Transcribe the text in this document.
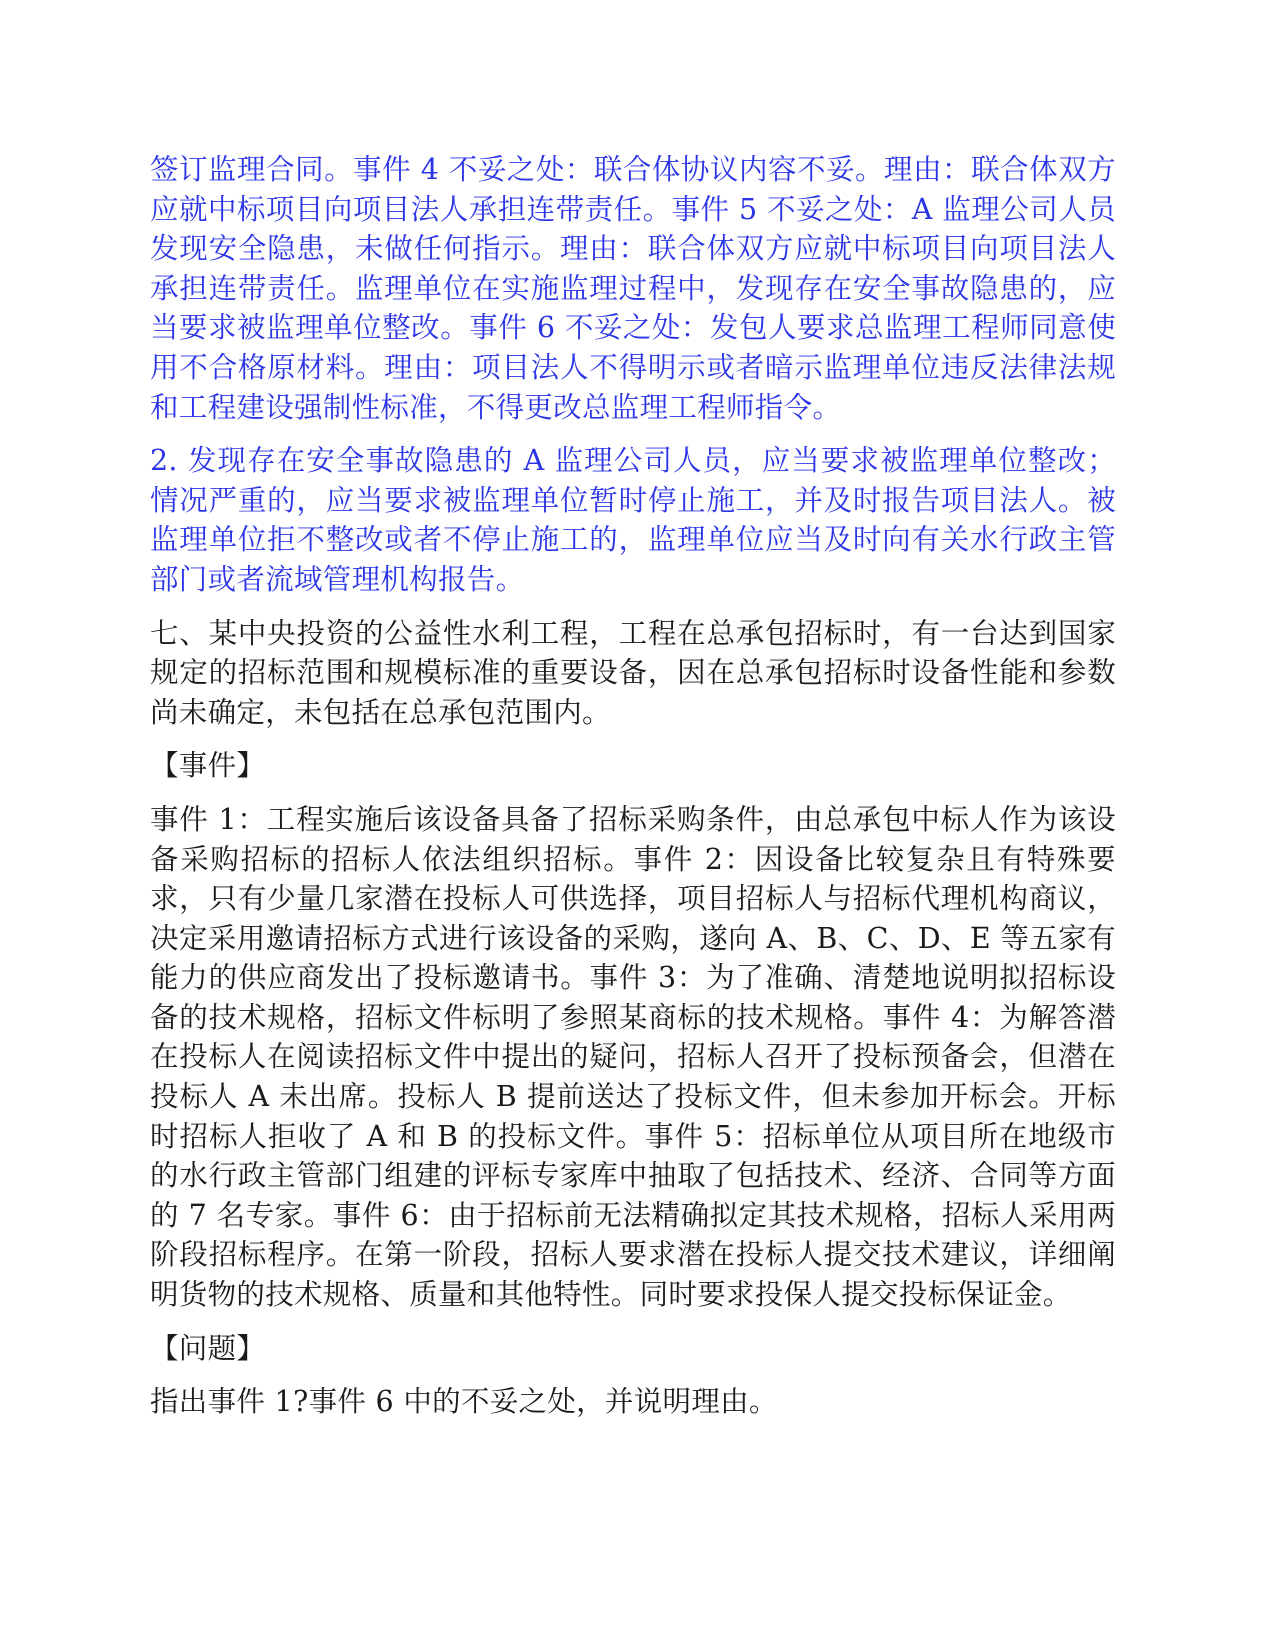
签订监理合同。事件 4 不妥之处：联合体协议内容不妥。理由：联合体双方应就中标项目向项目法人承担连带责任。事件 5 不妥之处：A 监理公司人员发现安全隐患，未做任何指示。理由：联合体双方应就中标项目向项目法人承担连带责任。监理单位在实施监理过程中，发现存在安全事故隐患的，应当要求被监理单位整改。事件 6 不妥之处：发包人要求总监理工程师同意使用不合格原材料。理由：项目法人不得明示或者暗示监理单位违反法律法规和工程建设强制性标准，不得更改总监理工程师指令。

2. 发现存在安全事故隐患的 A 监理公司人员，应当要求被监理单位整改；情况严重的，应当要求被监理单位暂时停止施工，并及时报告项目法人。被监理单位拒不整改或者不停止施工的，监理单位应当及时向有关水行政主管部门或者流域管理机构报告。

七、某中央投资的公益性水利工程，工程在总承包招标时，有一台达到国家规定的招标范围和规模标准的重要设备，因在总承包招标时设备性能和参数尚未确定，未包括在总承包范围内。

【事件】

事件 1：工程实施后该设备具备了招标采购条件，由总承包中标人作为该设备采购招标的招标人依法组织招标。事件 2：因设备比较复杂且有特殊要求，只有少量几家潜在投标人可供选择，项目招标人与招标代理机构商议，决定采用邀请招标方式进行该设备的采购，遂向 A、B、C、D、E 等五家有能力的供应商发出了投标邀请书。事件 3：为了准确、清楚地说明拟招标设备的技术规格，招标文件标明了参照某商标的技术规格。事件 4：为解答潜在投标人在阅读招标文件中提出的疑问，招标人召开了投标预备会，但潜在投标人 A 未出席。投标人 B 提前送达了投标文件，但未参加开标会。开标时招标人拒收了 A 和 B 的投标文件。事件 5：招标单位从项目所在地级市的水行政主管部门组建的评标专家库中抽取了包括技术、经济、合同等方面的 7 名专家。事件 6：由于招标前无法精确拟定其技术规格，招标人采用两阶段招标程序。在第一阶段，招标人要求潜在投标人提交技术建议，详细阐明货物的技术规格、质量和其他特性。同时要求投保人提交投标保证金。

【问题】

指出事件 1?事件 6 中的不妥之处，并说明理由。
